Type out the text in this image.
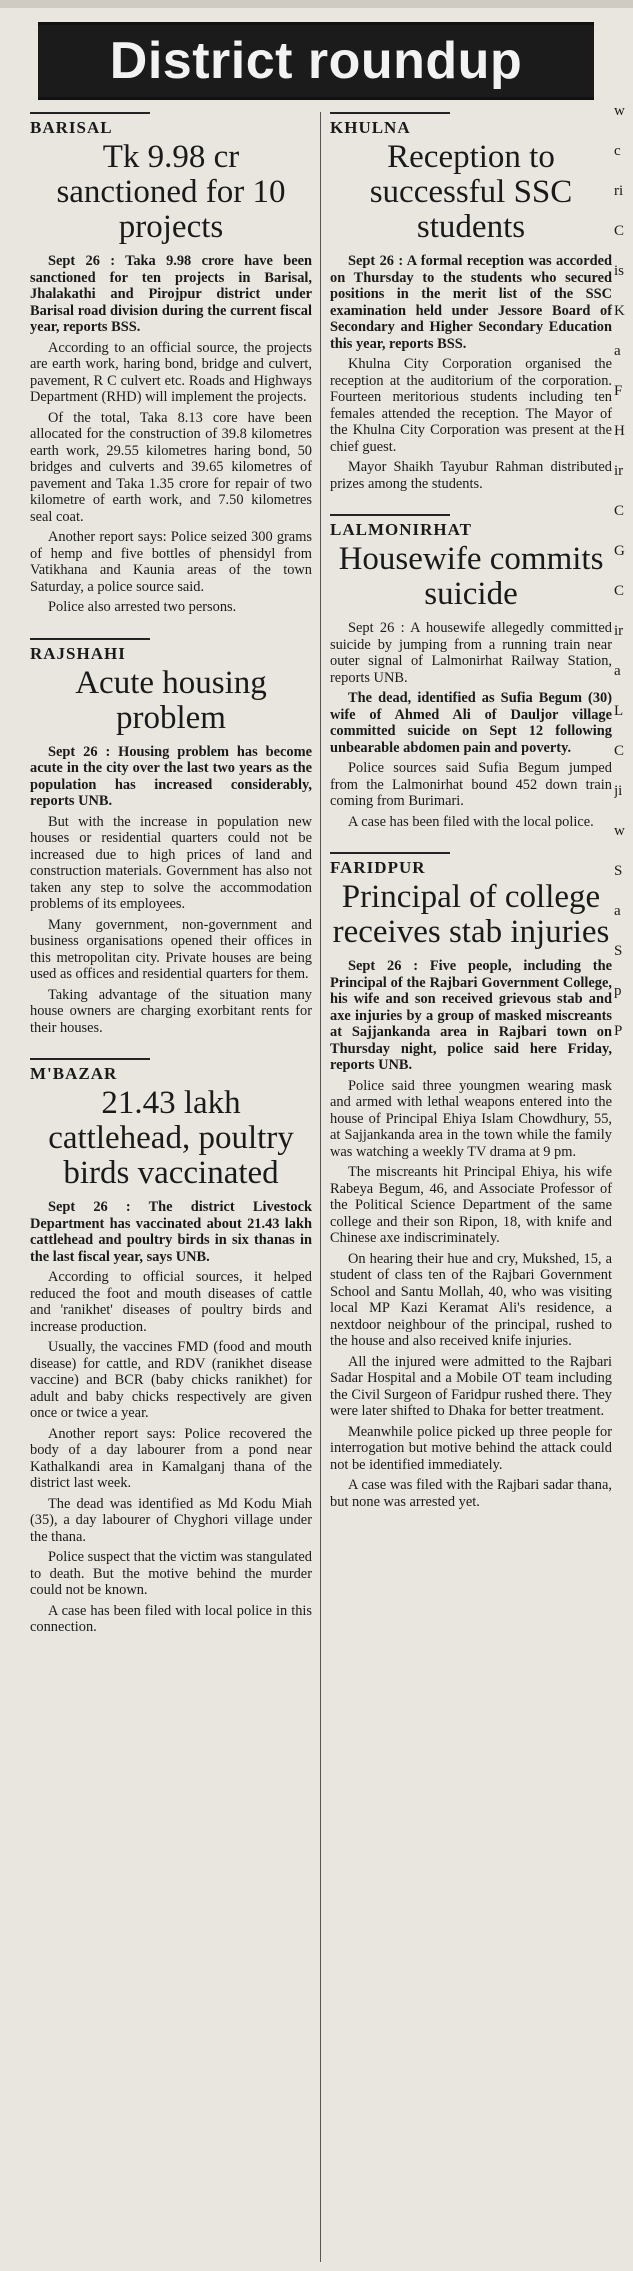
District roundup
BARISAL
Tk 9.98 cr sanctioned for 10 projects

Sept 26 : Taka 9.98 crore have been sanctioned for ten projects in Barisal, Jhalakathi and Pirojpur district under Barisal road division during the current fiscal year, reports BSS.

According to an official source, the projects are earth work, haring bond, bridge and culvert, pavement, R C culvert etc. Roads and Highways Department (RHD) will implement the projects.

Of the total, Taka 8.13 core have been allocated for the construction of 39.8 kilometres earth work, 29.55 kilometres haring bond, 50 bridges and culverts and 39.65 kilometres of pavement and Taka 1.35 crore for repair of two kilometre of earth work, and 7.50 kilometres seal coat.

Another report says: Police seized 300 grams of hemp and five bottles of phensidyl from Vatikhana and Kaunia areas of the town Saturday, a police source said.

Police also arrested two persons.

RAJSHAHI
Acute housing problem

Sept 26 : Housing problem has become acute in the city over the last two years as the population has increased considerably, reports UNB.

But with the increase in population new houses or residential quarters could not be increased due to high prices of land and construction materials. Government has also not taken any step to solve the accommodation problems of its employees.

Many government, non-government and business organisations opened their offices in this metropolitan city. Private houses are being used as offices and residential quarters for them.

Taking advantage of the situation many house owners are charging exorbitant rents for their houses.

M'BAZAR
21.43 lakh cattlehead, poultry birds vaccinated

Sept 26 : The district Livestock Department has vaccinated about 21.43 lakh cattlehead and poultry birds in six thanas in the last fiscal year, says UNB.

According to official sources, it helped reduced the foot and mouth diseases of cattle and 'ranikhet' diseases of poultry birds and increase production.

Usually, the vaccines FMD (food and mouth disease) for cattle, and RDV (ranikhet disease vaccine) and BCR (baby chicks ranikhet) for adult and baby chicks respectively are given once or twice a year.

Another report says: Police recovered the body of a day labourer from a pond near Kathalkandi area in Kamalganj thana of the district last week.

The dead was identified as Md Kodu Miah (35), a day labourer of Chyghori village under the thana.

Police suspect that the victim was stangulated to death. But the motive behind the murder could not be known.

A case has been filed with local police in this connection.

KHULNA
Reception to successful SSC students

Sept 26 : A formal reception was accorded on Thursday to the students who secured positions in the merit list of the SSC examination held under Jessore Board of Secondary and Higher Secondary Education this year, reports BSS.

Khulna City Corporation organised the reception at the auditorium of the corporation. Fourteen meritorious students including ten females attended the reception. The Mayor of the Khulna City Corporation was present at the chief guest.

Mayor Shaikh Tayubur Rahman distributed prizes among the students.

LALMONIRHAT
Housewife commits suicide

Sept 26 : A housewife allegedly committed suicide by jumping from a running train near outer signal of Lalmonirhat Railway Station, reports UNB.

The dead, identified as Sufia Begum (30) wife of Ahmed Ali of Dauljor village committed suicide on Sept 12 following unbearable abdomen pain and poverty.

Police sources said Sufia Begum jumped from the Lalmonirhat bound 452 down train coming from Burimari.

A case has been filed with the local police.

FARIDPUR
Principal of college receives stab injuries

Sept 26 : Five people, including the Principal of the Rajbari Government College, his wife and son received grievous stab and axe injuries by a group of masked miscreants at Sajjankanda area in Rajbari town on Thursday night, police said here Friday, reports UNB.

Police said three youngmen wearing mask and armed with lethal weapons entered into the house of Principal Ehiya Islam Chowdhury, 55, at Sajjankanda area in the town while the family was watching a weekly TV drama at 9 pm.

The miscreants hit Principal Ehiya, his wife Rabeya Begum, 46, and Associate Professor of the Political Science Department of the same college and their son Ripon, 18, with knife and Chinese axe indiscriminately.

On hearing their hue and cry, Mukshed, 15, a student of class ten of the Rajbari Government School and Santu Mollah, 40, who was visiting local MP Kazi Keramat Ali's residence, a nextdoor neighbour of the principal, rushed to the house and also received knife injuries.

All the injured were admitted to the Rajbari Sadar Hospital and a Mobile OT team including the Civil Surgeon of Faridpur rushed there. They were later shifted to Dhaka for better treatment.

Meanwhile police picked up three people for interrogation but motive behind the attack could not be identified immediately.

A case was filed with the Rajbari sadar thana, but none was arrested yet.

w
c
ri
C
is
K
a
F
H
ir
C
G
C
ir
a
L
C
ji
w
S
a
S
p
P
